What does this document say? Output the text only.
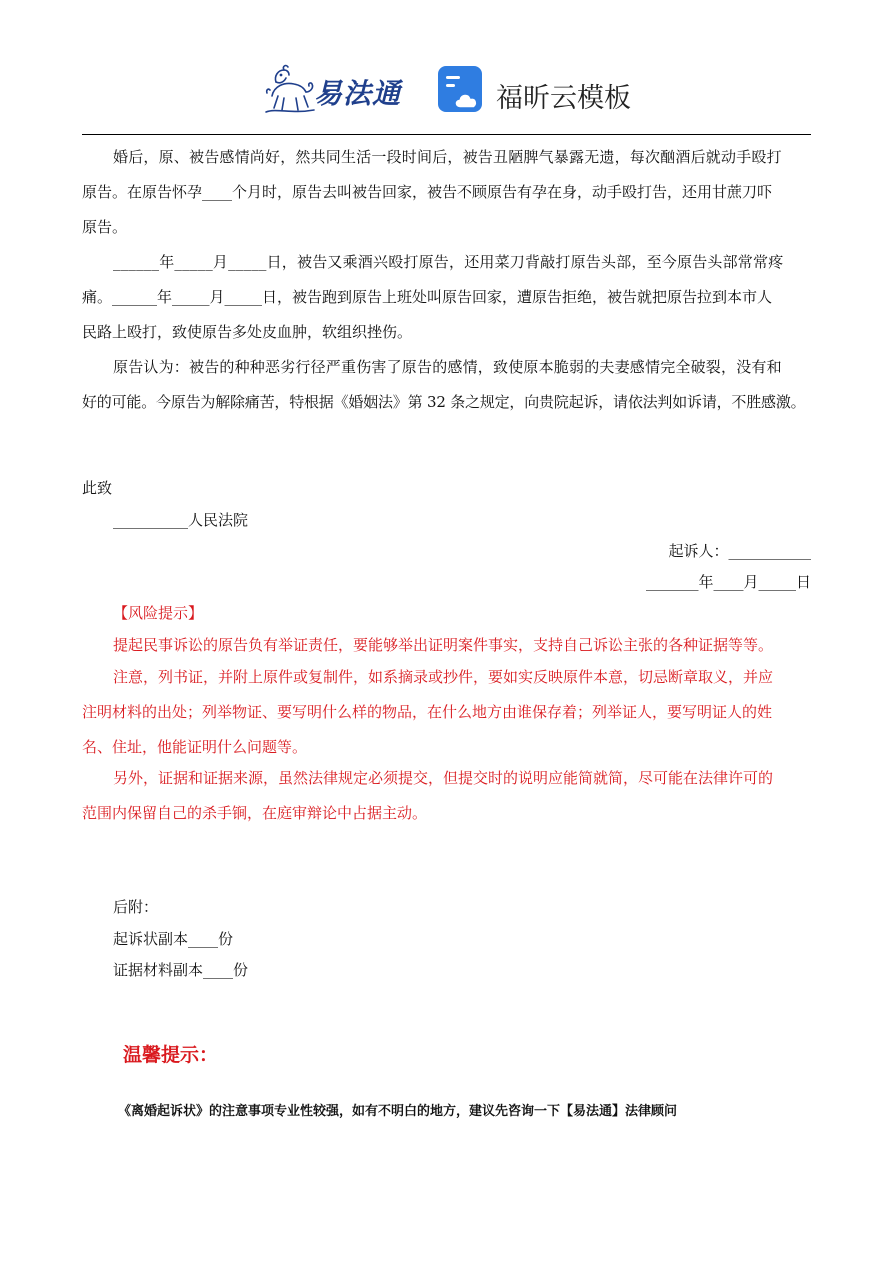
易法通	福昕云模板
婚后，原、被告感情尚好，然共同生活一段时间后，被告丑陋脾气暴露无遗，每次酗酒后就动手殴打
原告。在原告怀孕____个月时，原告去叫被告回家，被告不顾原告有孕在身，动手殴打告，还用甘蔗刀吓
原告。
______年_____月_____日，被告又乘酒兴殴打原告，还用菜刀背敲打原告头部，至今原告头部常常疼
痛。______年_____月_____日，被告跑到原告上班处叫原告回家，遭原告拒绝，被告就把原告拉到本市人
民路上殴打，致使原告多处皮血肿，软组织挫伤。
原告认为：被告的种种恶劣行径严重伤害了原告的感情，致使原本脆弱的夫妻感情完全破裂，没有和
好的可能。今原告为解除痛苦，特根据《婚姻法》第 32 条之规定，向贵院起诉，请依法判如诉请，不胜感激。
此致
__________人民法院
起诉人：___________
_______年____月_____日
【风险提示】
提起民事诉讼的原告负有举证责任，要能够举出证明案件事实，支持自己诉讼主张的各种证据等等。
注意，列书证，并附上原件或复制件，如系摘录或抄件，要如实反映原件本意，切忌断章取义，并应
注明材料的出处；列举物证、要写明什么样的物品，在什么地方由谁保存着；列举证人，要写明证人的姓
名、住址，他能证明什么问题等。
另外，证据和证据来源，虽然法律规定必须提交，但提交时的说明应能简就简，尽可能在法律许可的
范围内保留自己的杀手锏，在庭审辩论中占据主动。
后附：
起诉状副本____份
证据材料副本____份
温馨提示：
《离婚起诉状》的注意事项专业性较强，如有不明白的地方，建议先咨询一下【易法通】法律顾问
